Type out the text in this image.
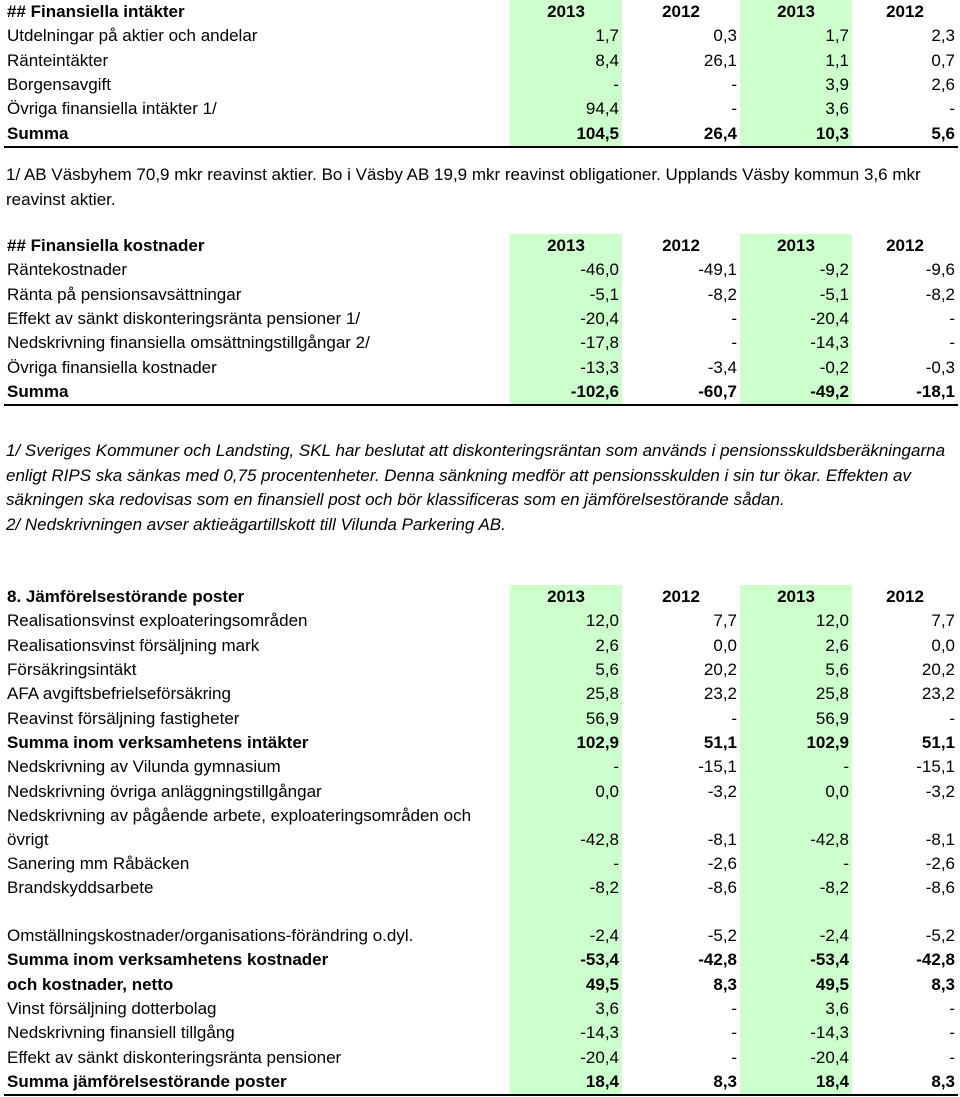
## Finansiella intäkter	2013	2012	2013	2012
Utdelningar på aktier och andelar	1,7	0,3	1,7	2,3
Ränteintäkter	8,4	26,1	1,1	0,7
Borgensavgift	-	-	3,9	2,6
Övriga finansiella intäkter 1/	94,4	-	3,6	-
Summa	104,5	26,4	10,3	5,6

1/ AB Väsbyhem 70,9 mkr reavinst aktier. Bo i Väsby AB 19,9 mkr reavinst obligationer. Upplands Väsby kommun 3,6 mkr reavinst aktier.

## Finansiella kostnader	2013	2012	2013	2012
Räntekostnader	-46,0	-49,1	-9,2	-9,6
Ränta på pensionsavsättningar	-5,1	-8,2	-5,1	-8,2
Effekt av sänkt diskonteringsränta pensioner 1/	-20,4	-	-20,4	-
Nedskrivning finansiella omsättningstillgångar 2/	-17,8	-	-14,3	-
Övriga finansiella kostnader	-13,3	-3,4	-0,2	-0,3
Summa	-102,6	-60,7	-49,2	-18,1

1/ Sveriges Kommuner och Landsting, SKL har beslutat att diskonteringsräntan som används i pensionsskuldsberäkningarna enligt RIPS ska sänkas med 0,75 procentenheter. Denna sänkning medför att pensionsskulden i sin tur ökar. Effekten av säkningen ska redovisas som en finansiell post och bör klassificeras som en jämförelsestörande sådan.

2/ Nedskrivningen avser aktieägartillskott till Vilunda Parkering AB.

8. Jämförelsestörande poster	2013	2012	2013	2012
Realisationsvinst exploateringsområden	12,0	7,7	12,0	7,7
Realisationsvinst försäljning mark	2,6	0,0	2,6	0,0
Försäkringsintäkt	5,6	20,2	5,6	20,2
AFA avgiftsbefrielseförsäkring	25,8	23,2	25,8	23,2
Reavinst försäljning fastigheter	56,9	-	56,9	-
Summa inom verksamhetens intäkter	102,9	51,1	102,9	51,1
Nedskrivning av Vilunda gymnasium	-	-15,1	-	-15,1
Nedskrivning övriga anläggningstillgångar	0,0	-3,2	0,0	-3,2
Nedskrivning av pågående arbete, exploateringsområden och övrigt	-42,8	-8,1	-42,8	-8,1
Sanering mm Råbäcken	-	-2,6	-	-2,6
Brandskyddsarbete	-8,2	-8,6	-8,2	-8,6
Omställningskostnader/organisations-förändring o.dyl.	-2,4	-5,2	-2,4	-5,2
Summa inom verksamhetens kostnader	-53,4	-42,8	-53,4	-42,8
och kostnader, netto	49,5	8,3	49,5	8,3
Vinst försäljning dotterbolag	3,6	-	3,6	-
Nedskrivning finansiell tillgång	-14,3	-	-14,3	-
Effekt av sänkt diskonteringsränta pensioner	-20,4	-	-20,4	-
Summa jämförelsestörande poster	18,4	8,3	18,4	8,3
